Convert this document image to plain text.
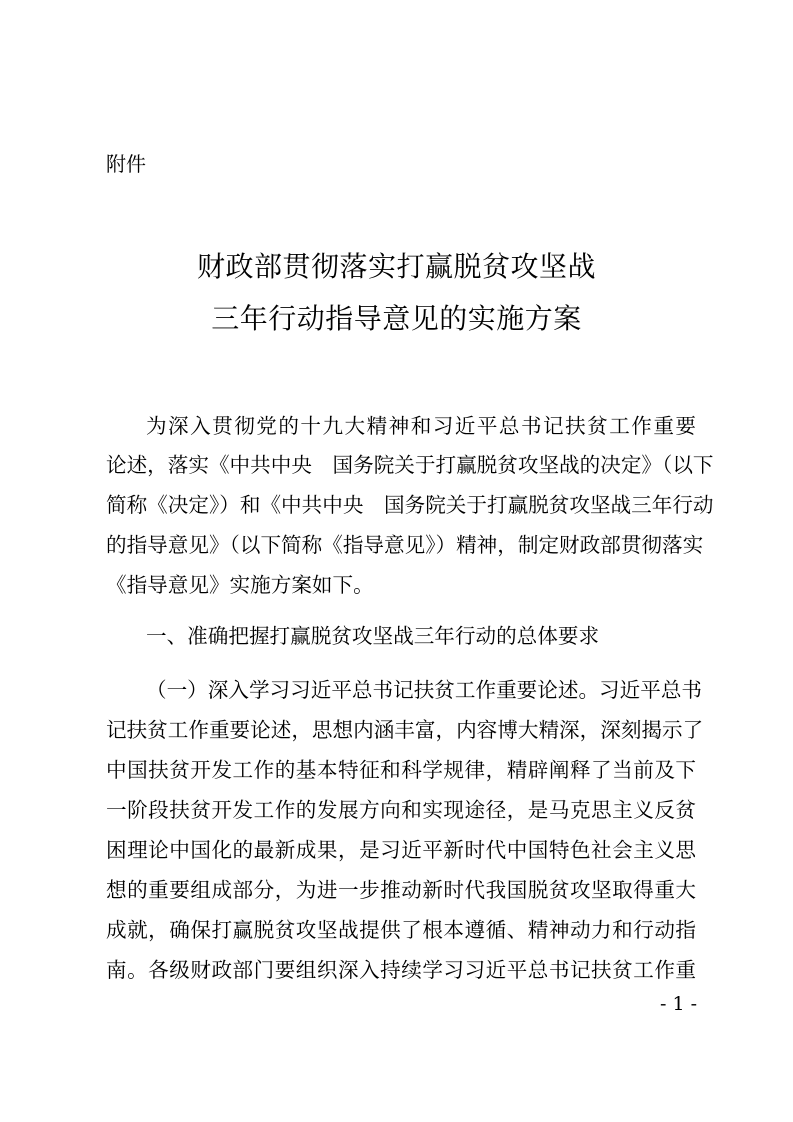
附件

财政部贯彻落实打赢脱贫攻坚战
三年行动指导意见的实施方案

为深入贯彻党的十九大精神和习近平总书记扶贫工作重要

论述，落实《中共中央　国务院关于打赢脱贫攻坚战的决定》（以下

简称《决定》）和《中共中央　国务院关于打赢脱贫攻坚战三年行动

的指导意见》（以下简称《指导意见》）精神，制定财政部贯彻落实

《指导意见》实施方案如下。

一、准确把握打赢脱贫攻坚战三年行动的总体要求

（一）深入学习习近平总书记扶贫工作重要论述。习近平总书

记扶贫工作重要论述，思想内涵丰富，内容博大精深，深刻揭示了

中国扶贫开发工作的基本特征和科学规律，精辟阐释了当前及下

一阶段扶贫开发工作的发展方向和实现途径，是马克思主义反贫

困理论中国化的最新成果，是习近平新时代中国特色社会主义思

想的重要组成部分，为进一步推动新时代我国脱贫攻坚取得重大

成就，确保打赢脱贫攻坚战提供了根本遵循、精神动力和行动指

南。各级财政部门要组织深入持续学习习近平总书记扶贫工作重

- 1 -
